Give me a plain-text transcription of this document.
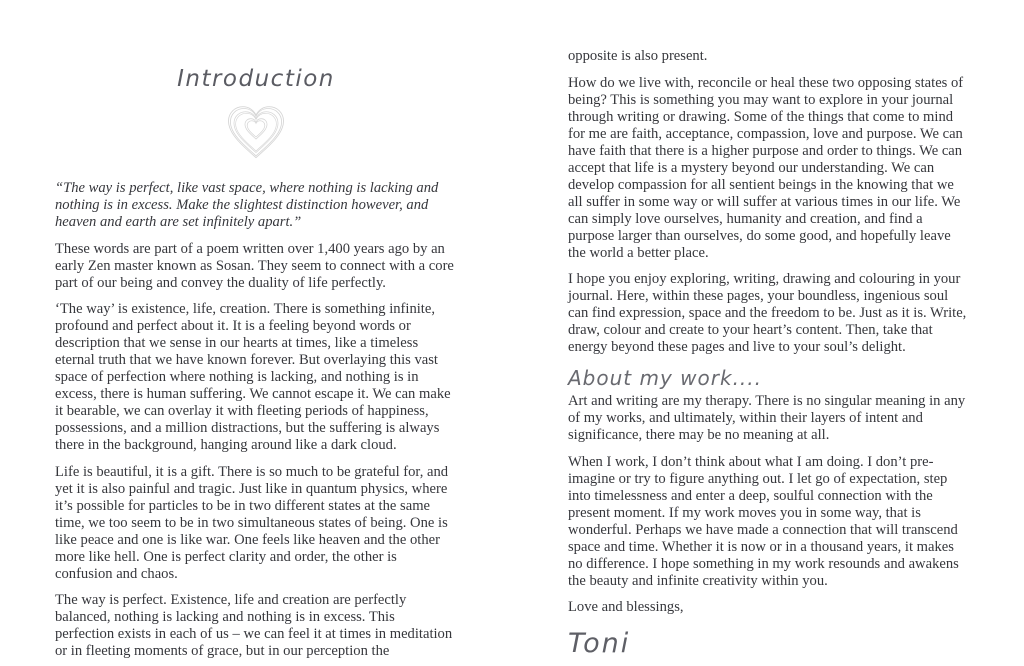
Introduction

“The way is perfect, like vast space, where nothing is lacking and nothing is in excess. Make the slightest distinction however, and heaven and earth are set infinitely apart.”

These words are part of a poem written over 1,400 years ago by an early Zen master known as Sosan. They seem to connect with a core part of our being and convey the duality of life perfectly.

‘The way’ is existence, life, creation. There is something infinite, profound and perfect about it. It is a feeling beyond words or description that we sense in our hearts at times, like a timeless eternal truth that we have known forever. But overlaying this vast space of perfection where nothing is lacking, and nothing is in excess, there is human suffering. We cannot escape it. We can make it bearable, we can overlay it with fleeting periods of happiness, possessions, and a million distractions, but the suffering is always there in the background, hanging around like a dark cloud.

Life is beautiful, it is a gift. There is so much to be grateful for, and yet it is also painful and tragic. Just like in quantum physics, where it’s possible for particles to be in two different states at the same time, we too seem to be in two simultaneous states of being. One is like peace and one is like war. One feels like heaven and the other more like hell. One is perfect clarity and order, the other is confusion and chaos.

The way is perfect. Existence, life and creation are perfectly balanced, nothing is lacking and nothing is in excess. This perfection exists in each of us – we can feel it at times in meditation or in fleeting moments of grace, but in our perception the

opposite is also present.

How do we live with, reconcile or heal these two opposing states of being? This is something you may want to explore in your journal through writing or drawing. Some of the things that come to mind for me are faith, acceptance, compassion, love and purpose. We can have faith that there is a higher purpose and order to things. We can accept that life is a mystery beyond our understanding. We can develop compassion for all sentient beings in the knowing that we all suffer in some way or will suffer at various times in our life. We can simply love ourselves, humanity and creation, and find a purpose larger than ourselves, do some good, and hopefully leave the world a better place.

I hope you enjoy exploring, writing, drawing and colouring in your journal. Here, within these pages, your boundless, ingenious soul can find expression, space and the freedom to be. Just as it is. Write, draw, colour and create to your heart’s content. Then, take that energy beyond these pages and live to your soul’s delight.

About my work....

Art and writing are my therapy. There is no singular meaning in any of my works, and ultimately, within their layers of intent and significance, there may be no meaning at all.

When I work, I don’t think about what I am doing. I don’t pre-imagine or try to figure anything out. I let go of expectation, step into timelessness and enter a deep, soulful connection with the present moment. If my work moves you in some way, that is wonderful. Perhaps we have made a connection that will transcend space and time. Whether it is now or in a thousand years, it makes no difference. I hope something in my work resounds and awakens the beauty and infinite creativity within you.

Love and blessings,

Toni
